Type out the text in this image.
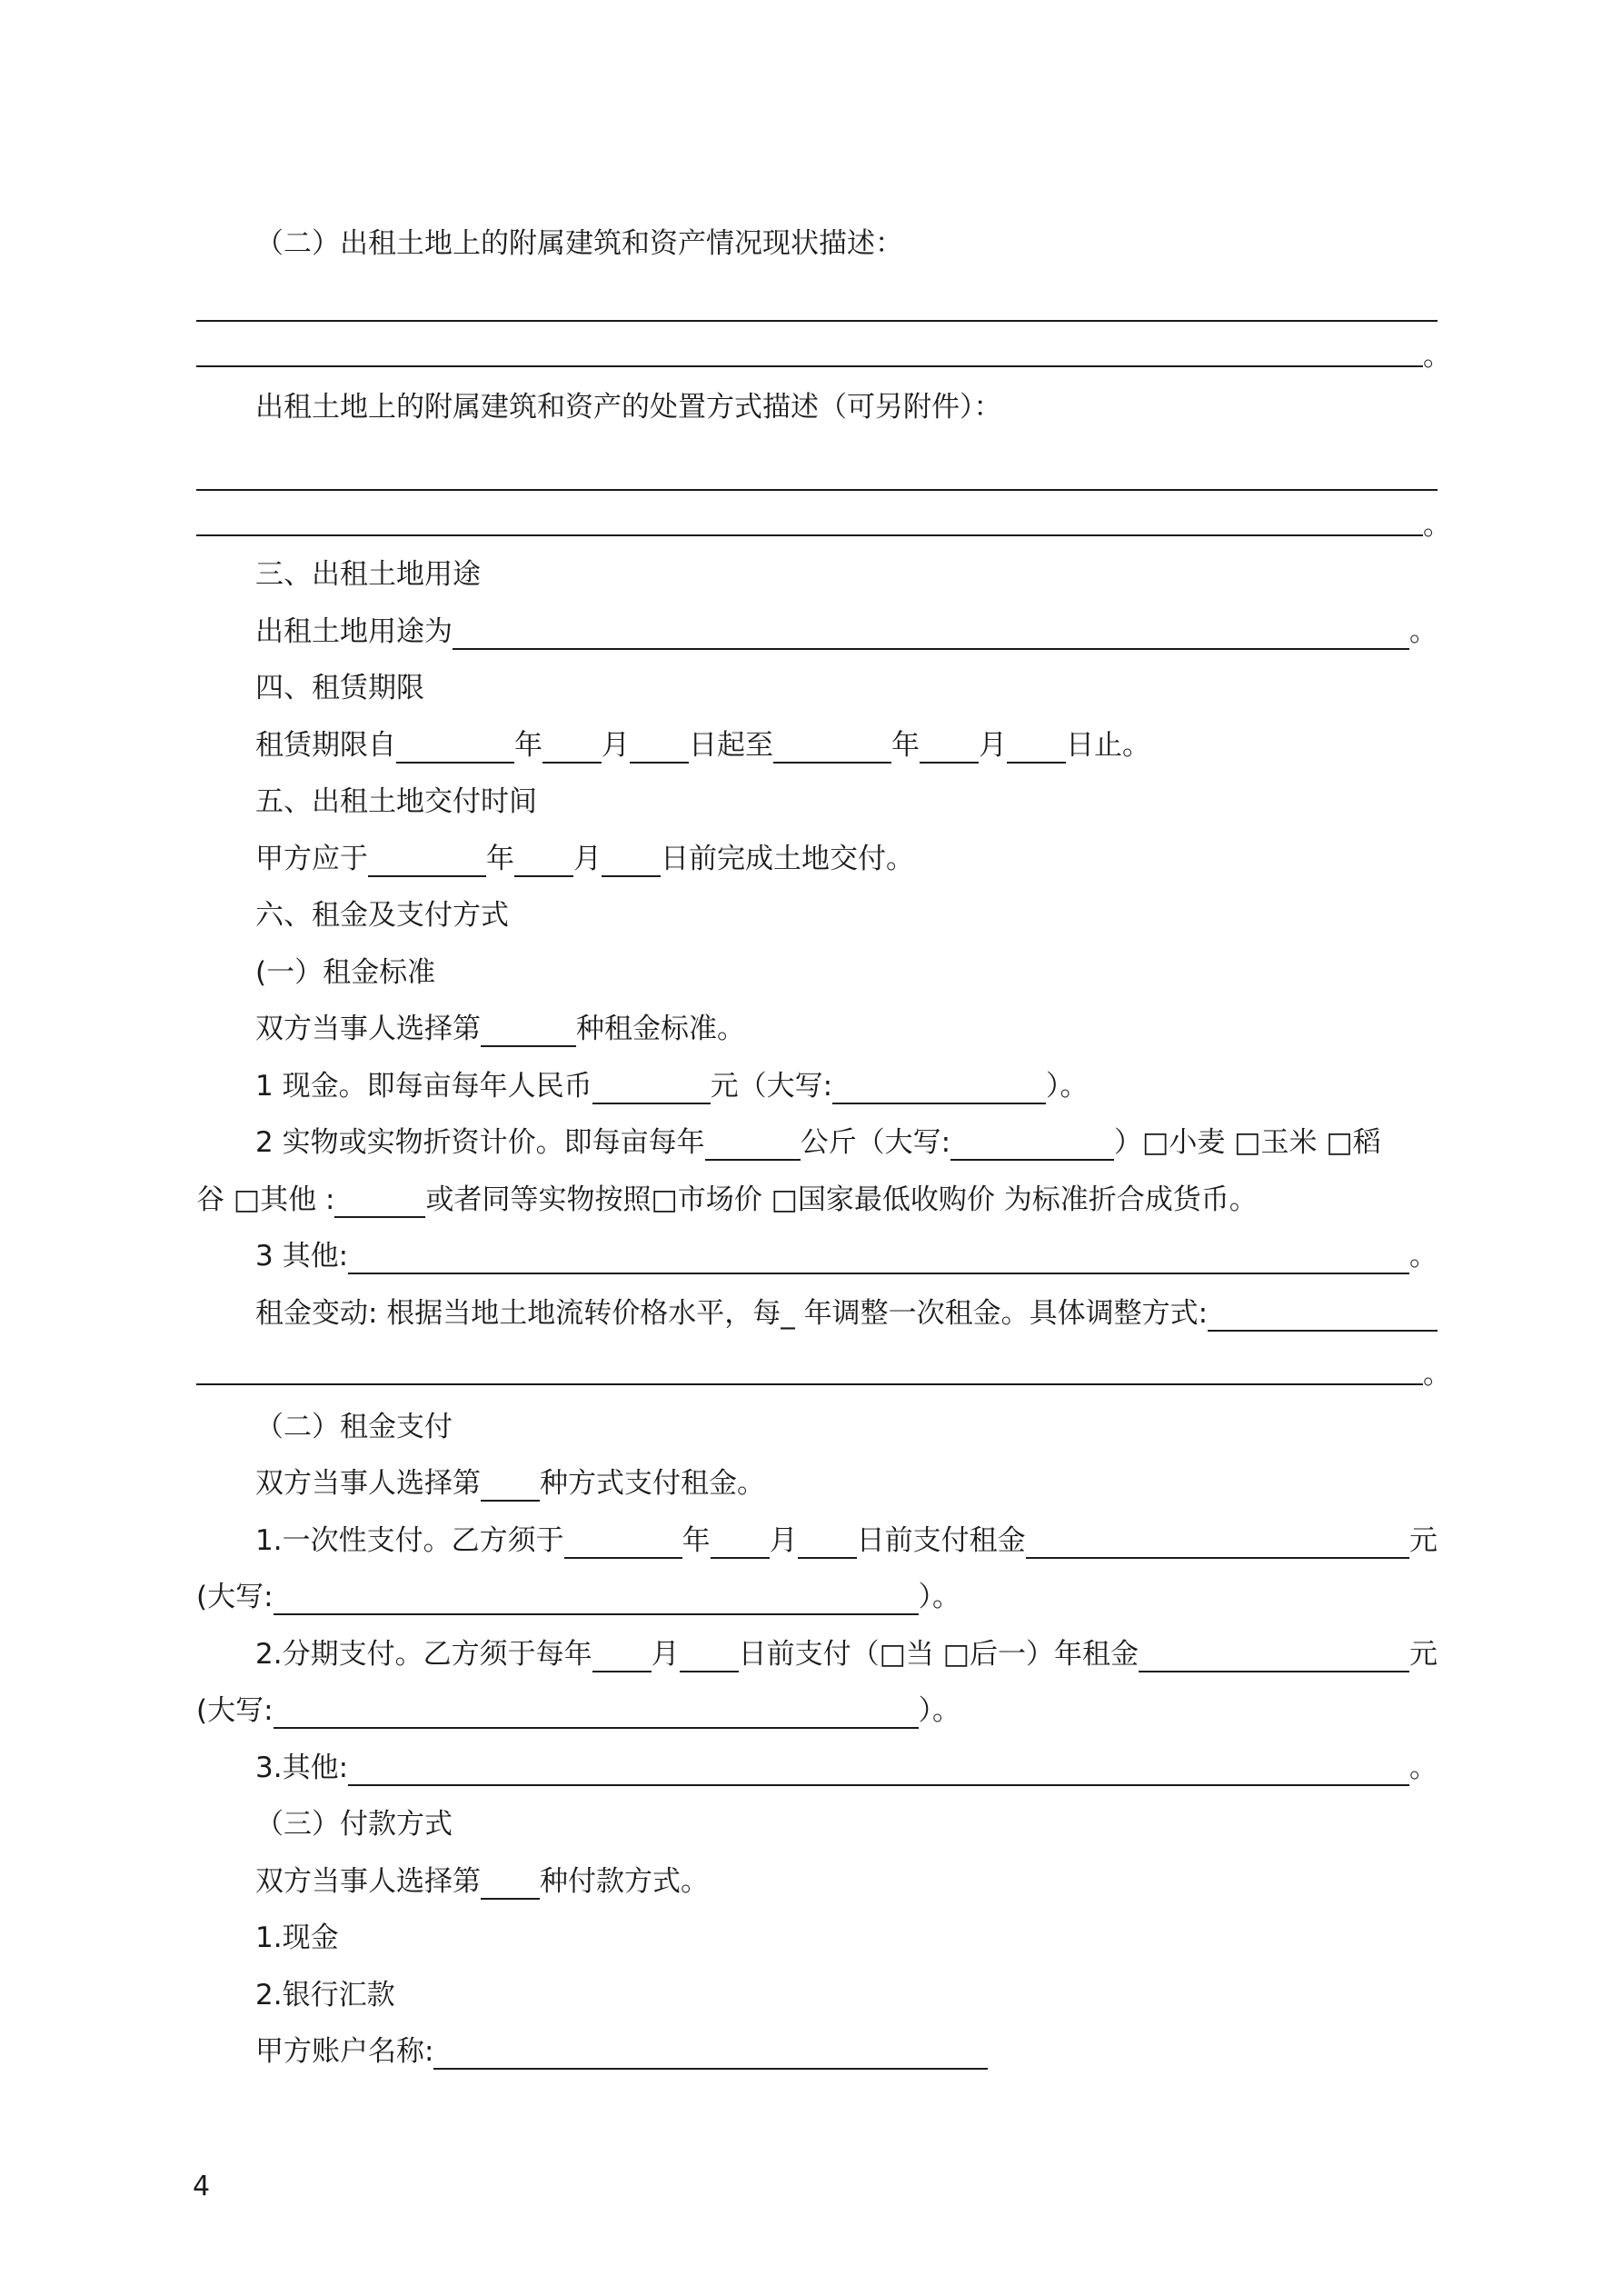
（二）出租土地上的附属建筑和资产情况现状描述：
。
出租土地上的附属建筑和资产的处置方式描述（可另附件）：
。
三、出租土地用途
出租土地用途为	。
四、租赁期限
租赁期限自	年 月 日起至	年 月 日止。
五、出租土地交付时间
甲方应于	年 月 日前完成土地交付。
六、租金及支付方式
(一）租金标准
双方当事人选择第	种租金标准。
1 现金。即每亩每年人民币	元（大写:	）。
2 实物或实物折资计价。即每亩每年	公斤（大写:	）□小麦 □玉米 □稻
谷 □其他 :	或者同等实物按照□市场价 □国家最低收购价 为标准折合成货币。
3 其他:	。
租金变动: 根据当地土地流转价格水平，每_ 年调整一次租金。具体调整方式:
。
（二）租金支付
双方当事人选择第 种方式支付租金。
1.一次性支付。乙方须于	年 月 日前支付租金	元
(大写:	）。
2.分期支付。乙方须于每年 月 日前支付（□当 □后一）年租金	元
(大写:	）。
3.其他:	。
（三）付款方式
双方当事人选择第 种付款方式。
1.现金
2.银行汇款
甲方账户名称:
4
